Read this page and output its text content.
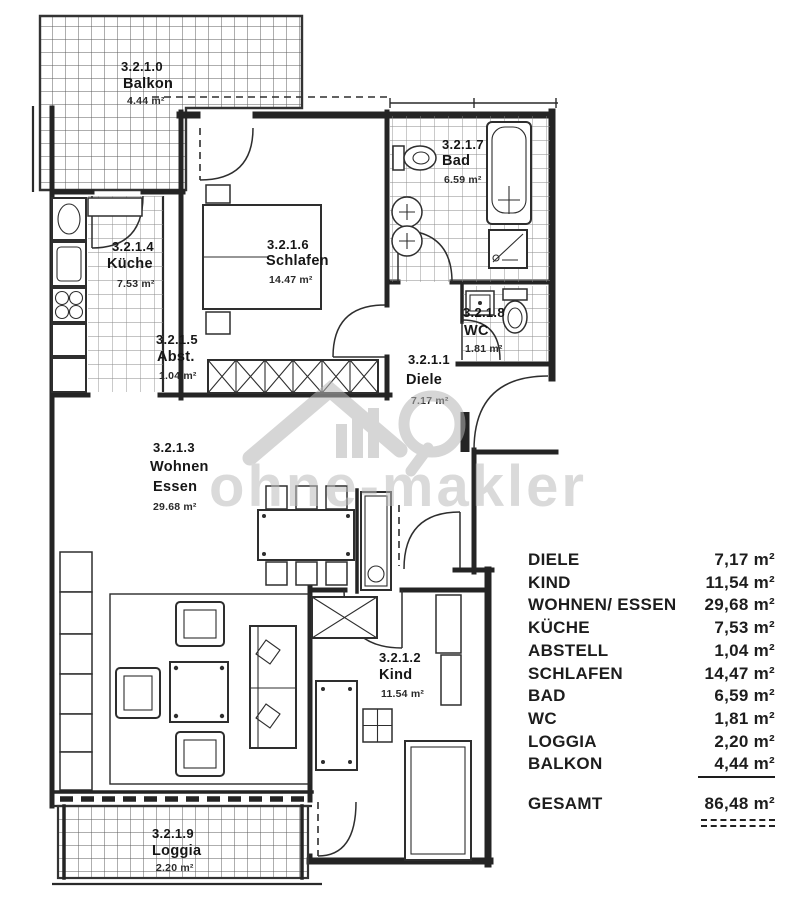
3.2.1.0
Balkon
4.44 m²
3.2.1.4
Küche
7.53 m²
3.2.1.5
Abst.
1.04 m²
3.2.1.6
Schlafen
14.47 m²
3.2.1.7
Bad
6.59 m²
3.2.1.8
WC
1.81 m²
3.2.1.1
Diele
7.17 m²
3.2.1.3
Wohnen
Essen
29.68 m²
3.2.1.2
Kind
11.54 m²
3.2.1.9
Loggia
2.20 m²
ohne-makler
DIELE	7,17 m²
KIND	11,54 m²
WOHNEN/ ESSEN 29,68 m²
KÜCHE	7,53 m²
ABSTELL	1,04 m²
SCHLAFEN	14,47 m²
BAD	6,59 m²
WC	1,81 m²
LOGGIA	2,20 m²
BALKON	4,44 m²
GESAMT	86,48 m²
